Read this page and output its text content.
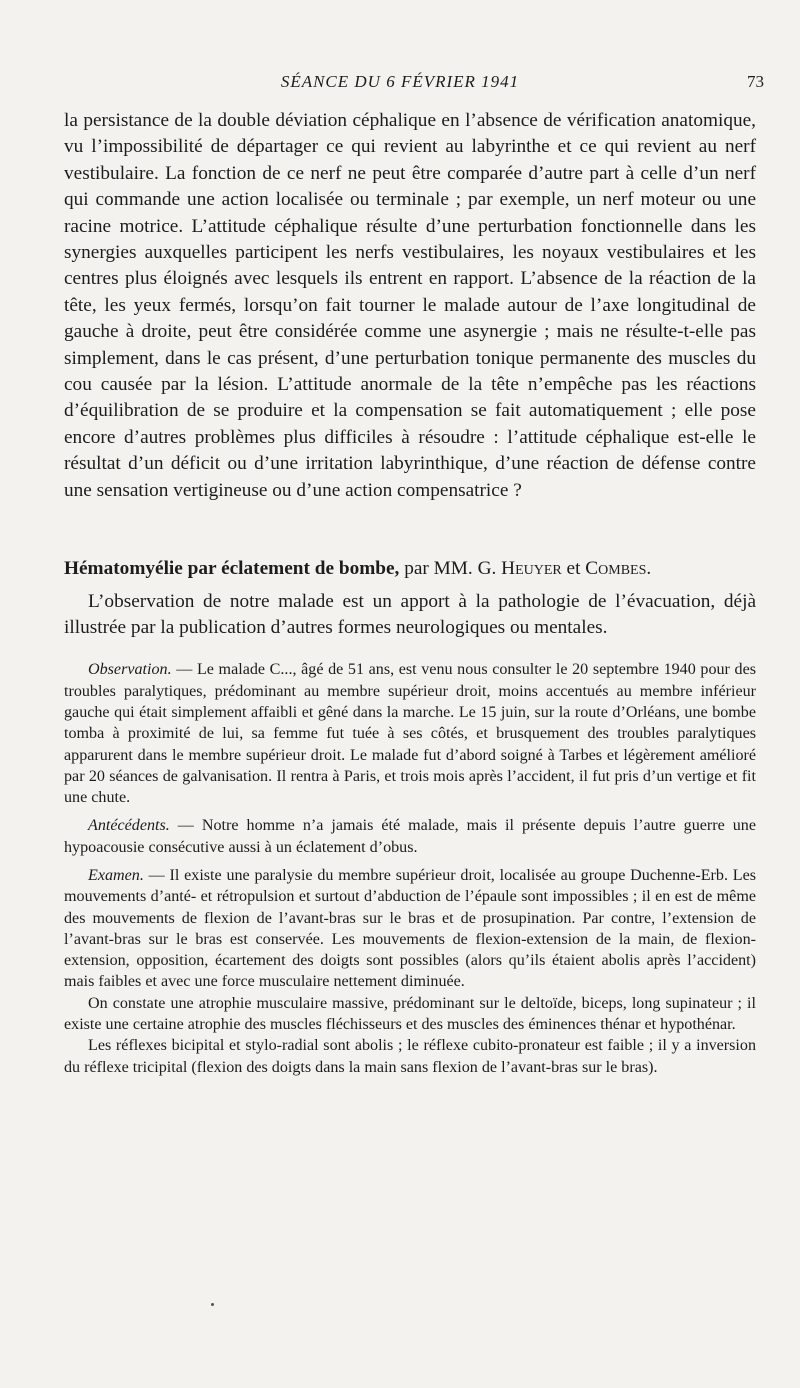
SÉANCE DU 6 FÉVRIER 1941	73

la persistance de la double déviation céphalique en l’absence de vérification anatomique, vu l’impossibilité de départager ce qui revient au labyrinthe et ce qui revient au nerf vestibulaire. La fonction de ce nerf ne peut être comparée d’autre part à celle d’un nerf qui commande une action localisée ou terminale ; par exemple, un nerf moteur ou une racine motrice. L’attitude céphalique résulte d’une perturbation fonctionnelle dans les synergies auxquelles participent les nerfs vestibulaires, les noyaux vestibulaires et les centres plus éloignés avec lesquels ils entrent en rapport. L’absence de la réaction de la tête, les yeux fermés, lorsqu’on fait tourner le malade autour de l’axe longitudinal de gauche à droite, peut être considérée comme une asynergie ; mais ne résulte-t-elle pas simplement, dans le cas présent, d’une perturbation tonique permanente des muscles du cou causée par la lésion. L’attitude anormale de la tête n’empêche pas les réactions d’équilibration de se produire et la compensation se fait automatiquement ; elle pose encore d’autres problèmes plus difficiles à résoudre : l’attitude céphalique est-elle le résultat d’un déficit ou d’une irritation labyrinthique, d’une réaction de défense contre une sensation vertigineuse ou d’une action compensatrice ?

Hématomyélie par éclatement de bombe, par MM. G. Heuyer et Combes.

L’observation de notre malade est un apport à la pathologie de l’évacuation, déjà illustrée par la publication d’autres formes neurologiques ou mentales.

Observation. — Le malade C..., âgé de 51 ans, est venu nous consulter le 20 septembre 1940 pour des troubles paralytiques, prédominant au membre supérieur droit, moins accentués au membre inférieur gauche qui était simplement affaibli et gêné dans la marche. Le 15 juin, sur la route d’Orléans, une bombe tomba à proximité de lui, sa femme fut tuée à ses côtés, et brusquement des troubles paralytiques apparurent dans le membre supérieur droit. Le malade fut d’abord soigné à Tarbes et légèrement amélioré par 20 séances de galvanisation. Il rentra à Paris, et trois mois après l’accident, il fut pris d’un vertige et fit une chute.

Antécédents. — Notre homme n’a jamais été malade, mais il présente depuis l’autre guerre une hypoacousie consécutive aussi à un éclatement d’obus.

Examen. — Il existe une paralysie du membre supérieur droit, localisée au groupe Duchenne-Erb. Les mouvements d’anté- et rétropulsion et surtout d’abduction de l’épaule sont impossibles ; il en est de même des mouvements de flexion de l’avant-bras sur le bras et de prosupination. Par contre, l’extension de l’avant-bras sur le bras est conservée. Les mouvements de flexion-extension de la main, de flexion-extension, opposition, écartement des doigts sont possibles (alors qu’ils étaient abolis après l’accident) mais faibles et avec une force musculaire nettement diminuée.

On constate une atrophie musculaire massive, prédominant sur le deltoïde, biceps, long supinateur ; il existe une certaine atrophie des muscles fléchisseurs et des muscles des éminences thénar et hypothénar.

Les réflexes bicipital et stylo-radial sont abolis ; le réflexe cubito-pronateur est faible ; il y a inversion du réflexe tricipital (flexion des doigts dans la main sans flexion de l’avant-bras sur le bras).
